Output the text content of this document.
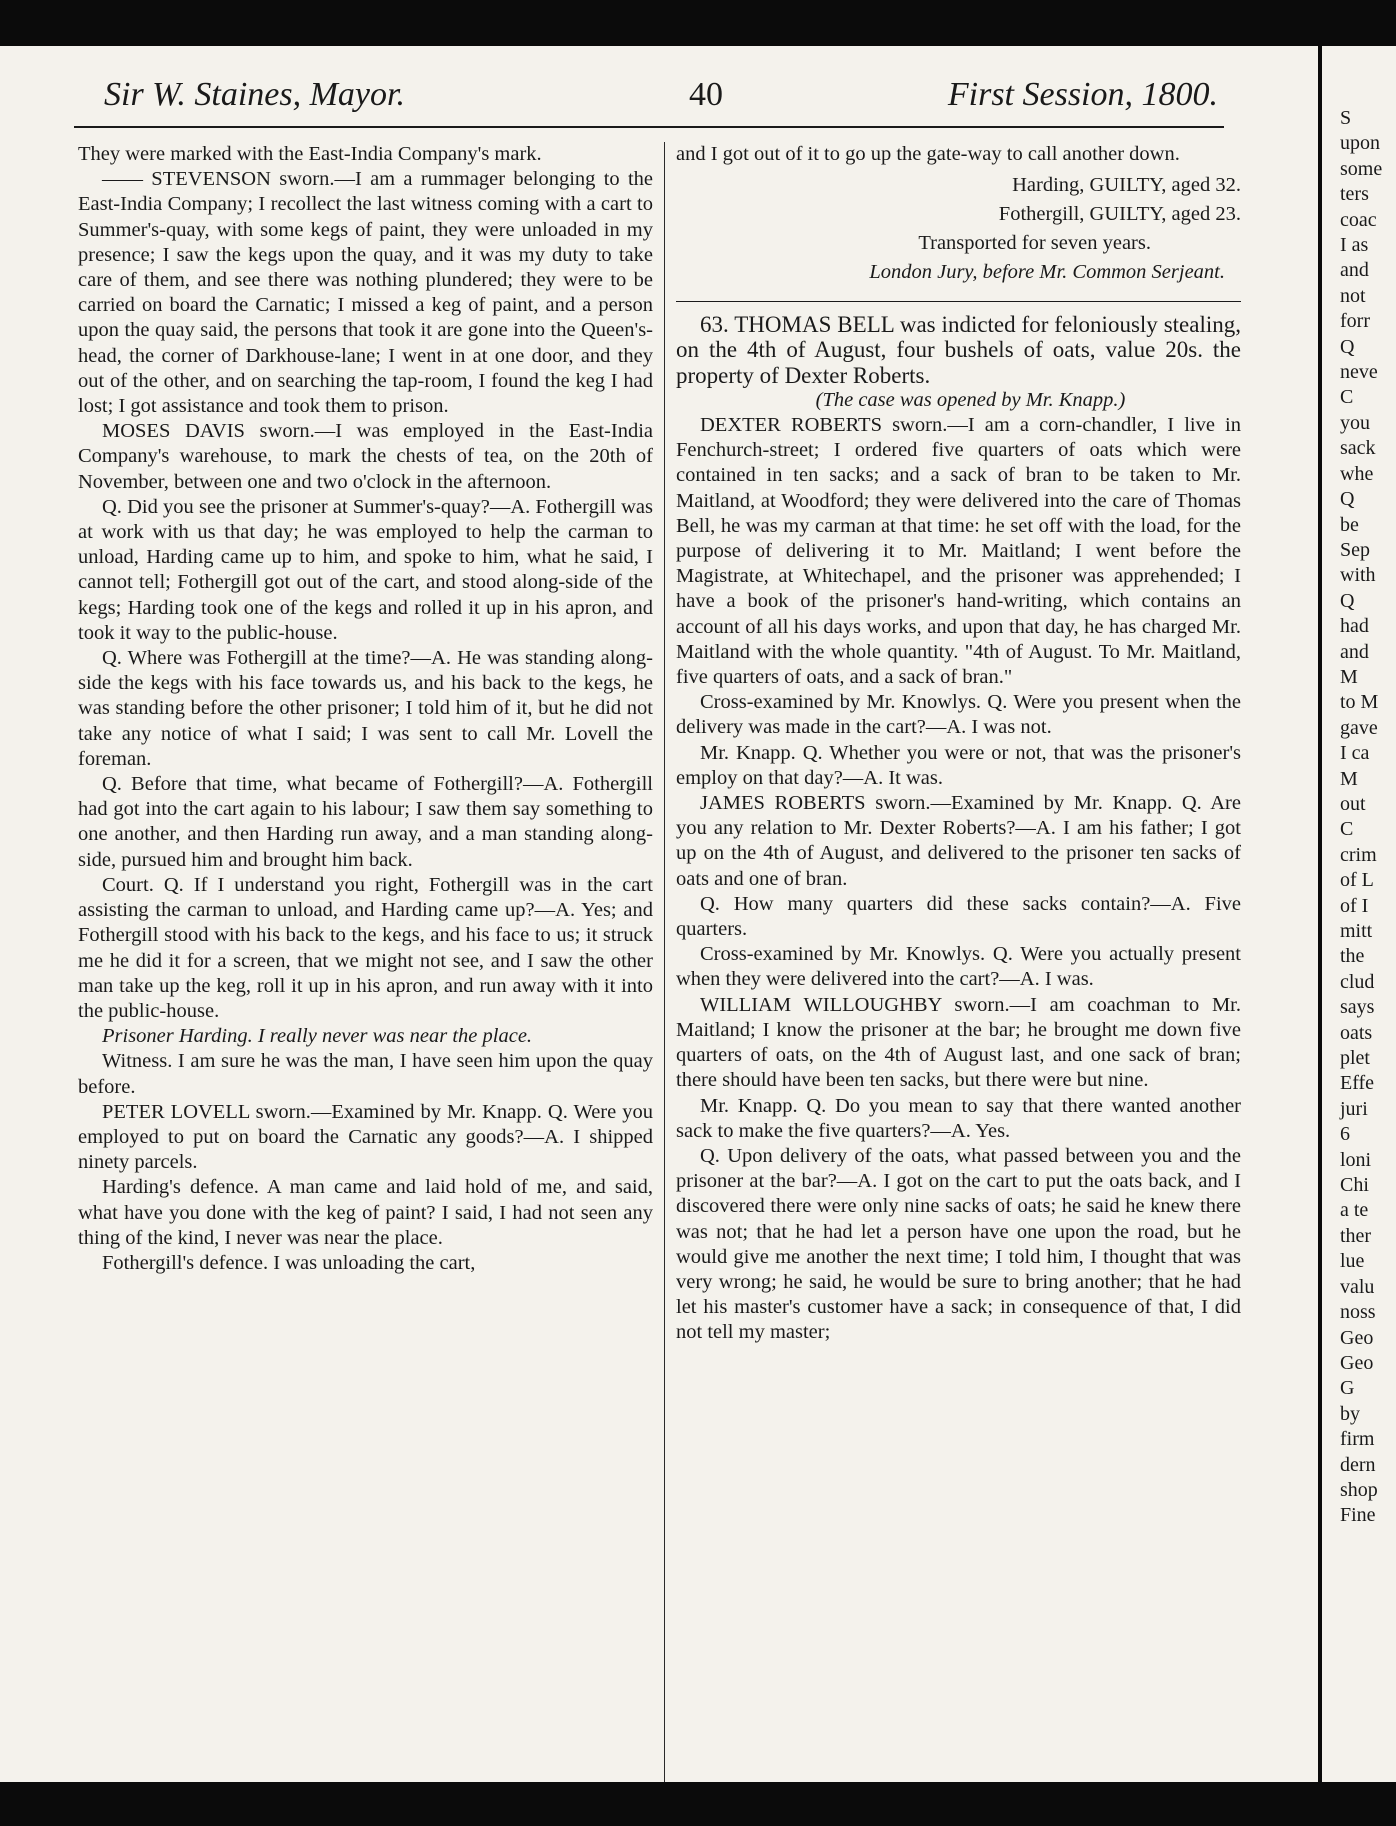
Sir W. Staines, Mayor.	40	First Session, 1800.

They were marked with the East-India Company's mark.

—— STEVENSON sworn.—I am a rummager belonging to the East-India Company; I recollect the last witness coming with a cart to Summer's-quay, with some kegs of paint, they were unloaded in my presence; I saw the kegs upon the quay, and it was my duty to take care of them, and see there was nothing plundered; they were to be carried on board the Carnatic; I missed a keg of paint, and a person upon the quay said, the persons that took it are gone into the Queen's-head, the corner of Darkhouse-lane; I went in at one door, and they out of the other, and on searching the tap-room, I found the keg I had lost; I got assistance and took them to prison.

MOSES DAVIS sworn.—I was employed in the East-India Company's warehouse, to mark the chests of tea, on the 20th of November, between one and two o'clock in the afternoon.

Q. Did you see the prisoner at Summer's-quay?—A. Fothergill was at work with us that day; he was employed to help the carman to unload, Harding came up to him, and spoke to him, what he said, I cannot tell; Fothergill got out of the cart, and stood along-side of the kegs; Harding took one of the kegs and rolled it up in his apron, and took it way to the public-house.

Q. Where was Fothergill at the time?—A. He was standing along-side the kegs with his face towards us, and his back to the kegs, he was standing before the other prisoner; I told him of it, but he did not take any notice of what I said; I was sent to call Mr. Lovell the foreman.

Q. Before that time, what became of Fothergill?—A. Fothergill had got into the cart again to his labour; I saw them say something to one another, and then Harding run away, and a man standing along-side, pursued him and brought him back.

Court. Q. If I understand you right, Fothergill was in the cart assisting the carman to unload, and Harding came up?—A. Yes; and Fothergill stood with his back to the kegs, and his face to us; it struck me he did it for a screen, that we might not see, and I saw the other man take up the keg, roll it up in his apron, and run away with it into the public-house.

Prisoner Harding. I really never was near the place.

Witness. I am sure he was the man, I have seen him upon the quay before.

PETER LOVELL sworn.—Examined by Mr. Knapp. Q. Were you employed to put on board the Carnatic any goods?—A. I shipped ninety parcels.

Harding's defence. A man came and laid hold of me, and said, what have you done with the keg of paint? I said, I had not seen any thing of the kind, I never was near the place.

Fothergill's defence. I was unloading the cart,

and I got out of it to go up the gate-way to call another down.

Harding, GUILTY, aged 32.
Fothergill, GUILTY, aged 23.
Transported for seven years.
London Jury, before Mr. Common Serjeant.

63. THOMAS BELL was indicted for feloniously stealing, on the 4th of August, four bushels of oats, value 20s. the property of Dexter Roberts.

(The case was opened by Mr. Knapp.)

DEXTER ROBERTS sworn.—I am a corn-chandler, I live in Fenchurch-street; I ordered five quarters of oats which were contained in ten sacks; and a sack of bran to be taken to Mr. Maitland, at Woodford; they were delivered into the care of Thomas Bell, he was my carman at that time: he set off with the load, for the purpose of delivering it to Mr. Maitland; I went before the Magistrate, at Whitechapel, and the prisoner was apprehended; I have a book of the prisoner's hand-writing, which contains an account of all his days works, and upon that day, he has charged Mr. Maitland with the whole quantity. "4th of August. To Mr. Maitland, five quarters of oats, and a sack of bran."

Cross-examined by Mr. Knowlys. Q. Were you present when the delivery was made in the cart?—A. I was not.

Mr. Knapp. Q. Whether you were or not, that was the prisoner's employ on that day?—A. It was.

JAMES ROBERTS sworn.—Examined by Mr. Knapp. Q. Are you any relation to Mr. Dexter Roberts?—A. I am his father; I got up on the 4th of August, and delivered to the prisoner ten sacks of oats and one of bran.

Q. How many quarters did these sacks contain?—A. Five quarters.

Cross-examined by Mr. Knowlys. Q. Were you actually present when they were delivered into the cart?—A. I was.

WILLIAM WILLOUGHBY sworn.—I am coachman to Mr. Maitland; I know the prisoner at the bar; he brought me down five quarters of oats, on the 4th of August last, and one sack of bran; there should have been ten sacks, but there were but nine.

Mr. Knapp. Q. Do you mean to say that there wanted another sack to make the five quarters?—A. Yes.

Q. Upon delivery of the oats, what passed between you and the prisoner at the bar?—A. I got on the cart to put the oats back, and I discovered there were only nine sacks of oats; he said he knew there was not; that he had let a person have one upon the road, but he would give me another the next time; I told him, I thought that was very wrong; he said, he would be sure to bring another; that he had let his master's customer have a sack; in consequence of that, I did not tell my master;

S
upon
some
ters
coac
I as
and
not
forr
Q
neve
C
you
sack
whe
Q
be
Sep
with
Q
had
and
M
to M
gave
I ca
M
out
C
crim
of L
of I
mitt
the
clud
says
oats
plet
Effe
juri
6
loni
Chi
a te
ther
lue
valu
noss
Geo
Geo
G
by
firm
dern
shop
Fine
